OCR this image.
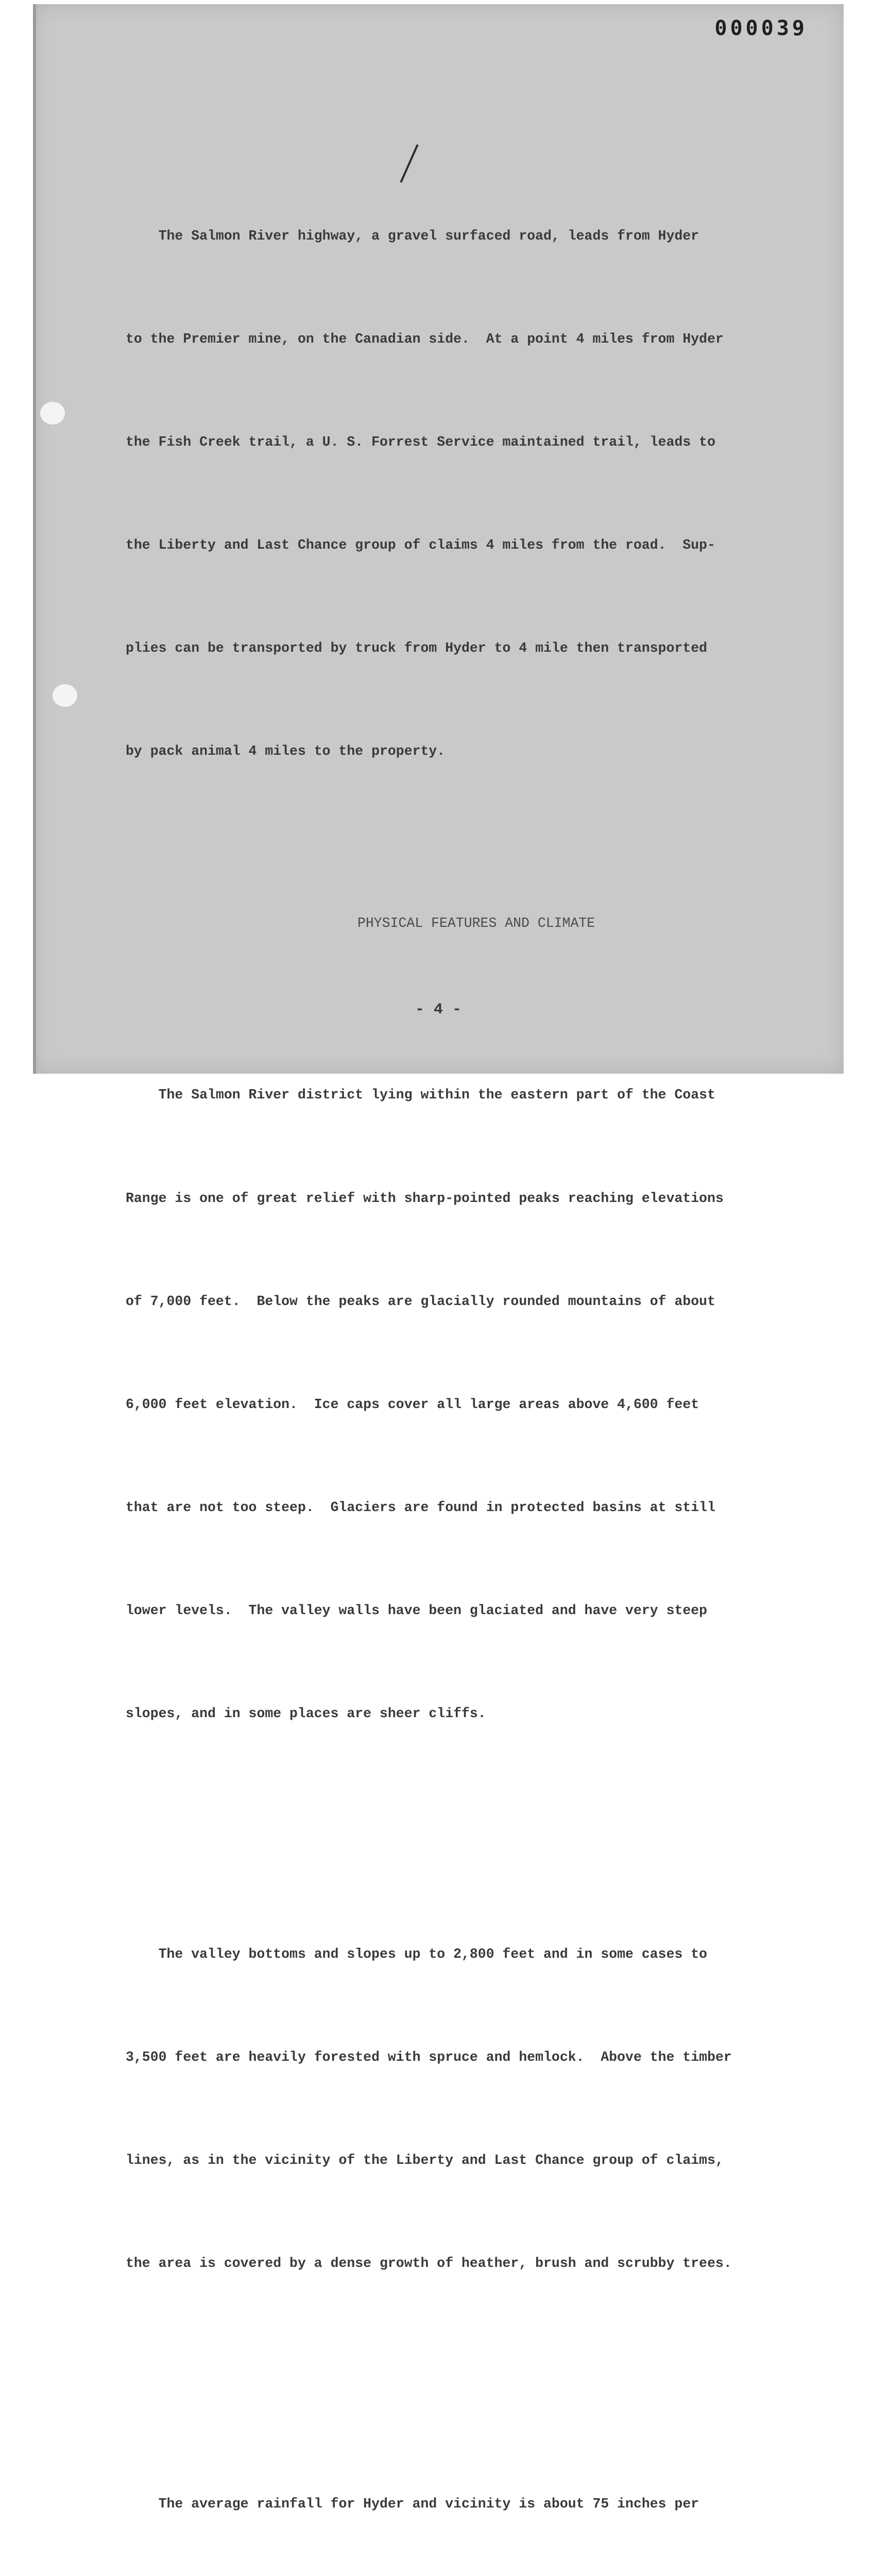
000039

The Salmon River highway, a gravel surfaced road, leads from Hyder

to the Premier mine, on the Canadian side.  At a point 4 miles from Hyder

the Fish Creek trail, a U. S. Forrest Service maintained trail, leads to

the Liberty and Last Chance group of claims 4 miles from the road.  Sup-

plies can be transported by truck from Hyder to 4 mile then transported

by pack animal 4 miles to the property.

PHYSICAL FEATURES AND CLIMATE

The Salmon River district lying within the eastern part of the Coast

Range is one of great relief with sharp-pointed peaks reaching elevations

of 7,000 feet.  Below the peaks are glacially rounded mountains of about

6,000 feet elevation.  Ice caps cover all large areas above 4,600 feet

that are not too steep.  Glaciers are found in protected basins at still

lower levels.  The valley walls have been glaciated and have very steep

slopes, and in some places are sheer cliffs.

The valley bottoms and slopes up to 2,800 feet and in some cases to

3,500 feet are heavily forested with spruce and hemlock.  Above the timber

lines, as in the vicinity of the Liberty and Last Chance group of claims,

the area is covered by a dense growth of heather, brush and scrubby trees.

The average rainfall for Hyder and vicinity is about 75 inches per

- 4 -
